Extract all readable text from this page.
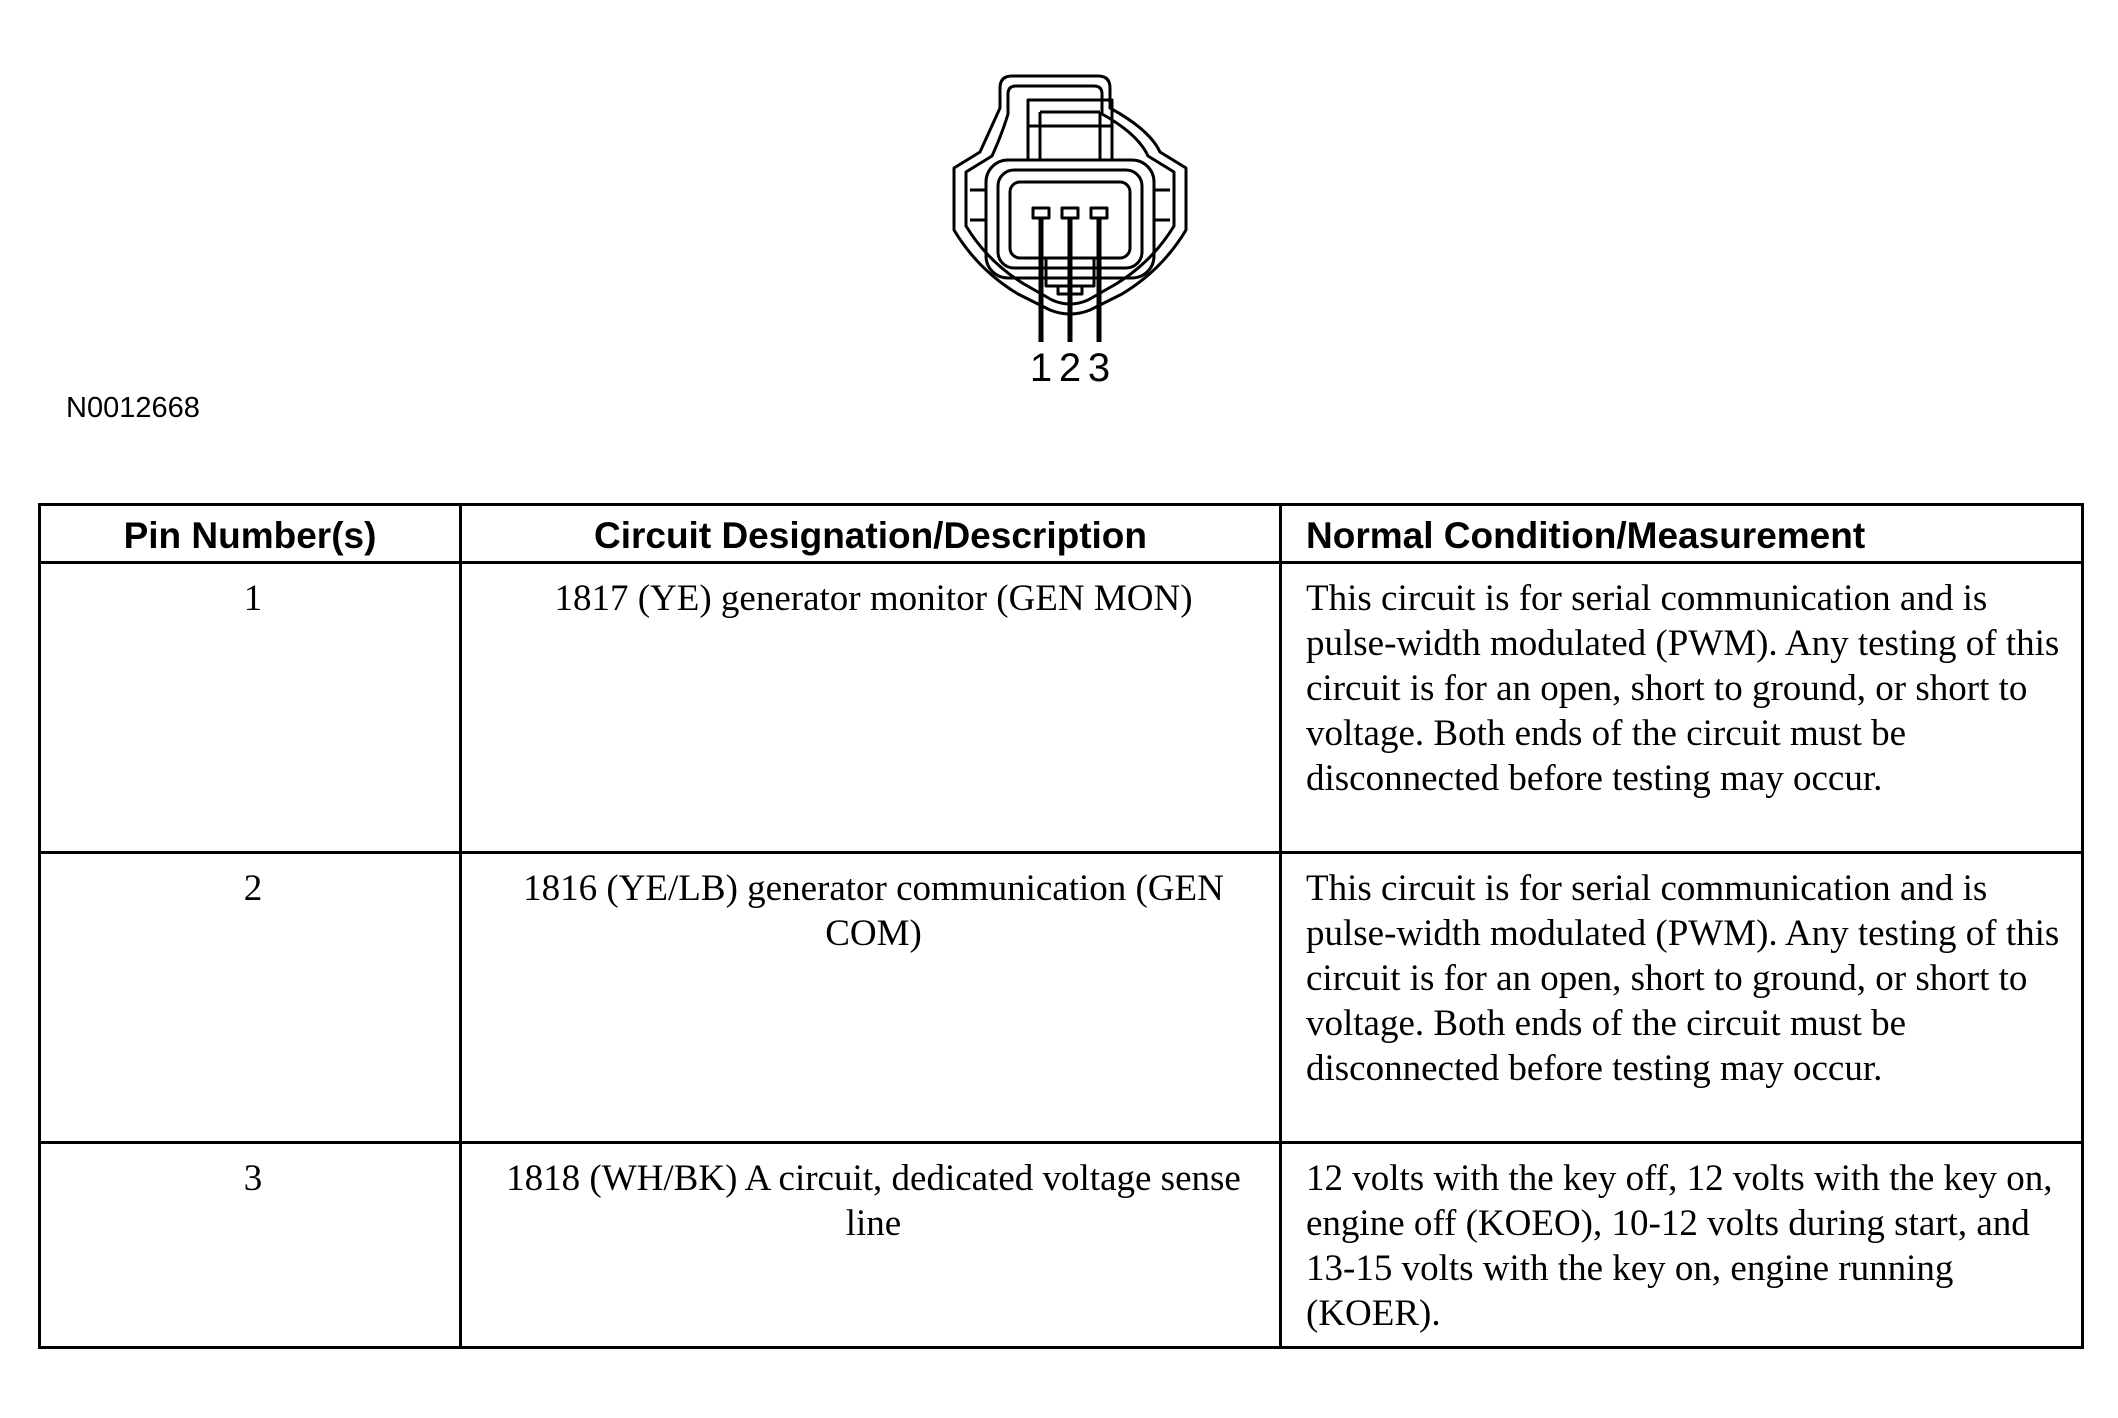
1 2 3
N0012668
Pin Number(s)	Circuit Designation/Description	Normal Condition/Measurement
1	1817 (YE) generator monitor (GEN MON)	This circuit is for serial communication and is pulse-width modulated (PWM). Any testing of this circuit is for an open, short to ground, or short to voltage. Both ends of the circuit must be disconnected before testing may occur.
2	1816 (YE/LB) generator communication (GEN COM)	This circuit is for serial communication and is pulse-width modulated (PWM). Any testing of this circuit is for an open, short to ground, or short to voltage. Both ends of the circuit must be disconnected before testing may occur.
3	1818 (WH/BK) A circuit, dedicated voltage sense line	12 volts with the key off, 12 volts with the key on, engine off (KOEO), 10-12 volts during start, and 13-15 volts with the key on, engine running (KOER).
